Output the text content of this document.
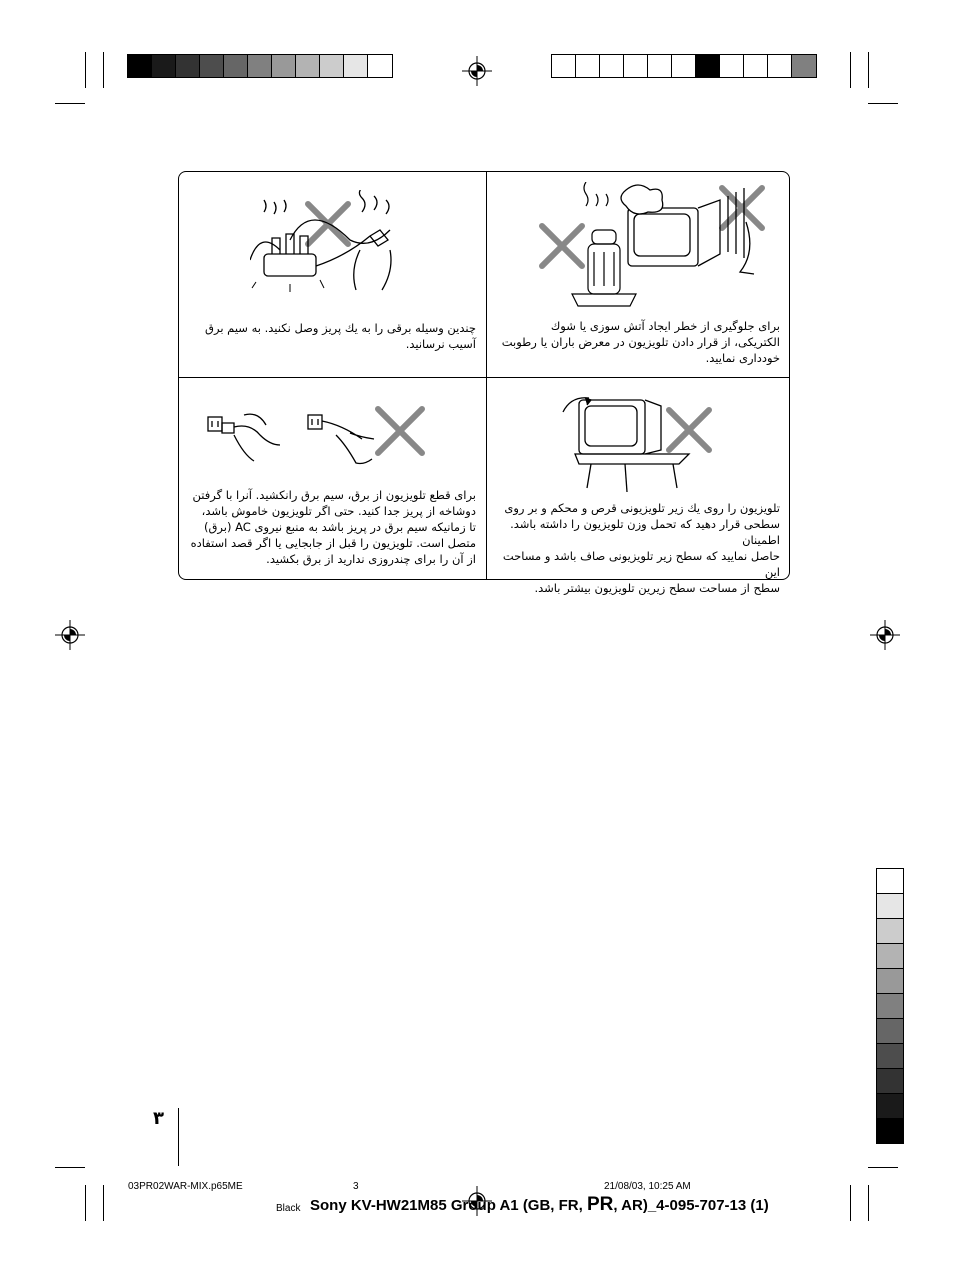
برای جلوگیری از خطر ایجاد آتش سوزی یا شوك
الكتریكی، از قرار دادن تلویزیون در معرض باران یا رطوبت
خودداری نمایید.
چندین وسیله برقی را به یك پریز وصل نكنید. به سیم برق
آسیب نرسانید.
تلویزیون را روی یك زیر تلویزیونی قرص و محكم و بر روی
سطحی قرار دهید كه تحمل وزن تلویزیون را داشته باشد. اطمینان
حاصل نمایید كه سطح زیر تلویزیونی صاف باشد و مساحت این
سطح از مساحت سطح زیرین تلویزیون بیشتر باشد.
برای قطع تلویزیون از برق، سیم برق رانكشید. آنرا با گرفتن
دوشاخه از پریز جدا كنید. حتی اگر تلویزیون خاموش باشد،
تا زمانیكه سیم برق در پریز باشد به منبع نیروی AC (برق)
متصل است. تلویزیون را قبل از جابجایی یا اگر قصد استفاده
از آن را برای چندروزی ندارید از برق بكشید.
۳
03PR02WAR-MIX.p65ME	3	21/08/03, 10:25 AM
Black Sony KV-HW21M85 Group A1 (GB, FR, PR, AR)_4-095-707-13 (1)
